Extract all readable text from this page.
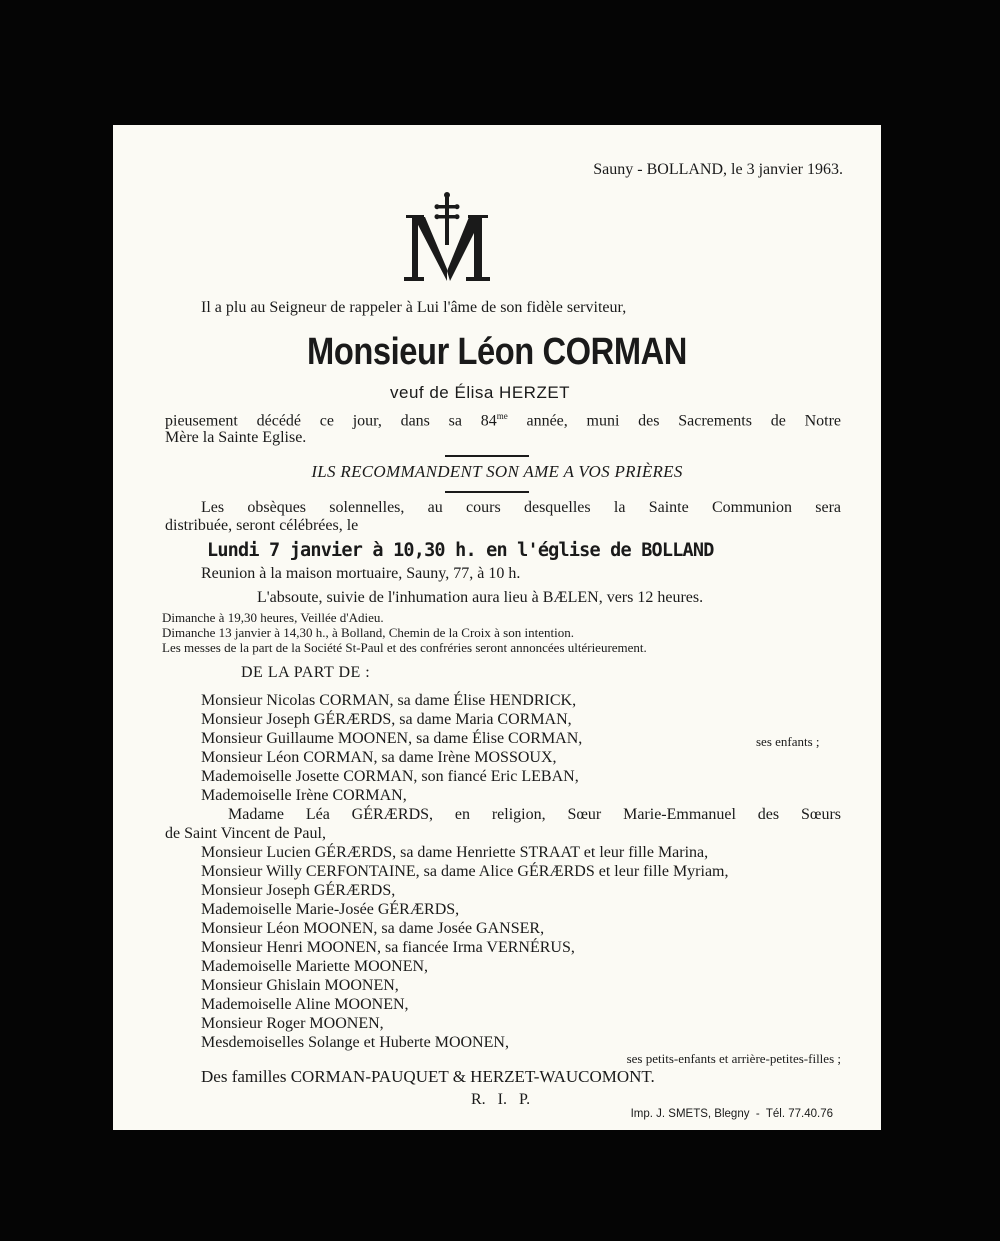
Sauny - BOLLAND, le 3 janvier 1963.
Il a plu au Seigneur de rappeler à Lui l'âme de son fidèle serviteur,
Monsieur Léon CORMAN
veuf de Élisa HERZET
pieusement décédé ce jour, dans sa $84^{me}$ année, muni des Sacrements de Notre
Mère la Sainte Eglise.
ILS RECOMMANDENT SON AME A VOS PRIÈRES
Les obsèques solennelles, au cours desquelles la Sainte Communion sera
distribuée, seront célébrées, le
Lundi 7 janvier à 10,30 h. en l'église de BOLLAND
Reunion à la maison mortuaire, Sauny, 77, à 10 h.
L'absoute, suivie de l'inhumation aura lieu à BÆLEN, vers 12 heures.
Dimanche à 19,30 heures, Veillée d'Adieu.
Dimanche 13 janvier à 14,30 h., à Bolland, Chemin de la Croix à son intention.
Les messes de la part de la Société St-Paul et des confréries seront annoncées ultérieurement.
DE LA PART DE :
Monsieur Nicolas CORMAN, sa dame Élise HENDRICK,
Monsieur Joseph GÉRÆRDS, sa dame Maria CORMAN,
Monsieur Guillaume MOONEN, sa dame Élise CORMAN,
Monsieur Léon CORMAN, sa dame Irène MOSSOUX,
Mademoiselle Josette CORMAN, son fiancé Eric LEBAN,
Mademoiselle Irène CORMAN,
ses enfants ;
Madame Léa GÉRÆRDS, en religion, Sœur Marie-Emmanuel des Sœurs
de Saint Vincent de Paul,
Monsieur Lucien GÉRÆRDS, sa dame Henriette STRAAT et leur fille Marina,
Monsieur Willy CERFONTAINE, sa dame Alice GÉRÆRDS et leur fille Myriam,
Monsieur Joseph GÉRÆRDS,
Mademoiselle Marie-Josée GÉRÆRDS,
Monsieur Léon MOONEN, sa dame Josée GANSER,
Monsieur Henri MOONEN, sa fiancée Irma VERNÉRUS,
Mademoiselle Mariette MOONEN,
Monsieur Ghislain MOONEN,
Mademoiselle Aline MOONEN,
Monsieur Roger MOONEN,
Mesdemoiselles Solange et Huberte MOONEN,
ses petits-enfants et arrière-petites-filles ;
Des familles CORMAN-PAUQUET & HERZET-WAUCOMONT.
R.   I.   P.
Imp. J. SMETS, Blegny  -  Tél. 77.40.76
